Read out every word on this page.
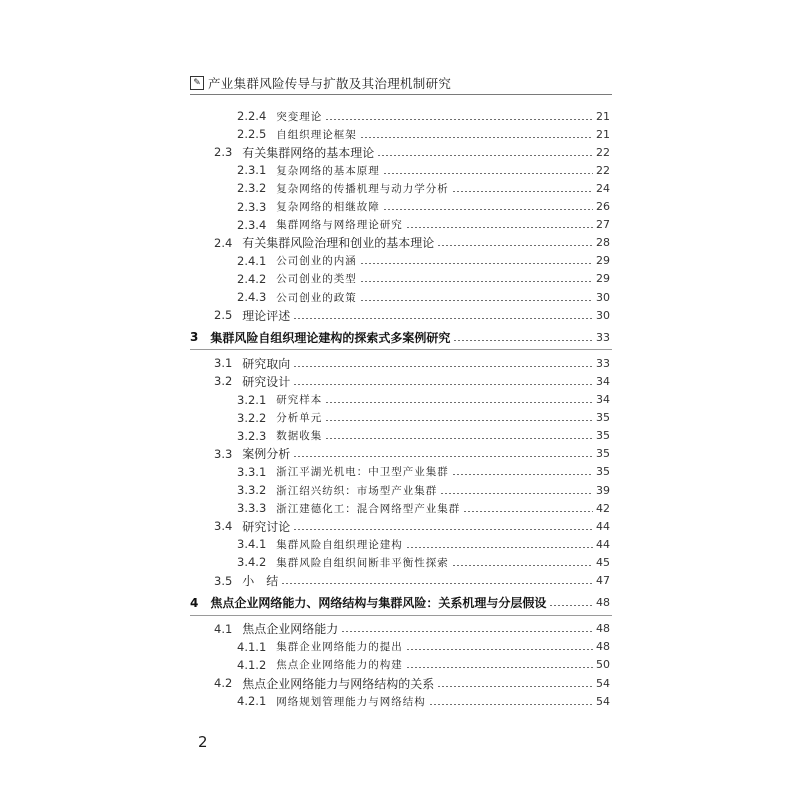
✎ 产业集群风险传导与扩散及其治理机制研究
2.2.4 突变理论	21
2.2.5 自组织理论框架	21
2.3 有关集群网络的基本理论	22
2.3.1 复杂网络的基本原理	22
2.3.2 复杂网络的传播机理与动力学分析	24
2.3.3 复杂网络的相继故障	26
2.3.4 集群网络与网络理论研究	27
2.4 有关集群风险治理和创业的基本理论	28
2.4.1 公司创业的内涵	29
2.4.2 公司创业的类型	29
2.4.3 公司创业的政策	30
2.5 理论评述	30
3 集群风险自组织理论建构的探索式多案例研究	33
3.1 研究取向	33
3.2 研究设计	34
3.2.1 研究样本	34
3.2.2 分析单元	35
3.2.3 数据收集	35
3.3 案例分析	35
3.3.1 浙江平湖光机电：中卫型产业集群	35
3.3.2 浙江绍兴纺织：市场型产业集群	39
3.3.3 浙江建德化工：混合网络型产业集群	42
3.4 研究讨论	44
3.4.1 集群风险自组织理论建构	44
3.4.2 集群风险自组织间断非平衡性探索	45
3.5 小　结	47
4 焦点企业网络能力、网络结构与集群风险：关系机理与分层假设	48
4.1 焦点企业网络能力	48
4.1.1 集群企业网络能力的提出	48
4.1.2 焦点企业网络能力的构建	50
4.2 焦点企业网络能力与网络结构的关系	54
4.2.1 网络规划管理能力与网络结构	54
2
